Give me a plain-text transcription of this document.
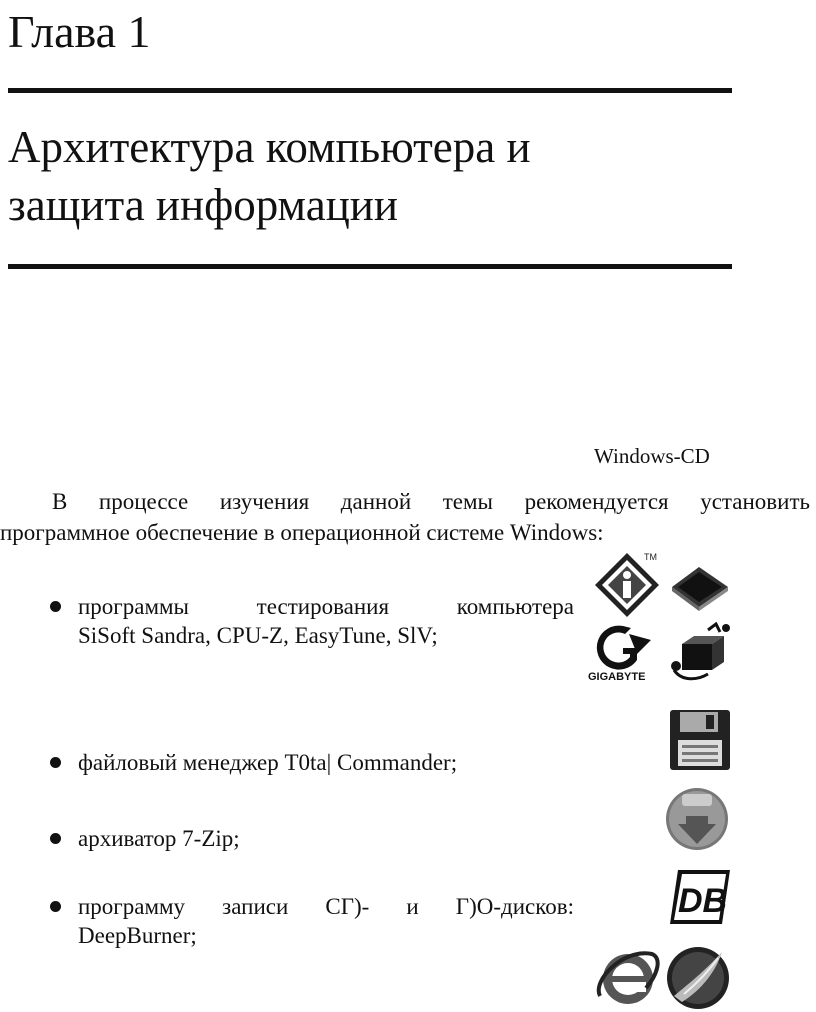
Глава 1
Архитектура компьютера и
защита информации
Windows-CD
В процессе изучения данной темы рекомендуется установить
программное обеспечение в операционной системе Windows:
программы тестирования компьютера
SiSoft Sandra, CPU-Z, EasyTune, SlV;
файловый менеджер T0ta| Commander;
архиватор 7-Zip;
программу записи СГ)- и Г)О-дисков:
DeepBurner;
TM
GIGABYTE
DB
